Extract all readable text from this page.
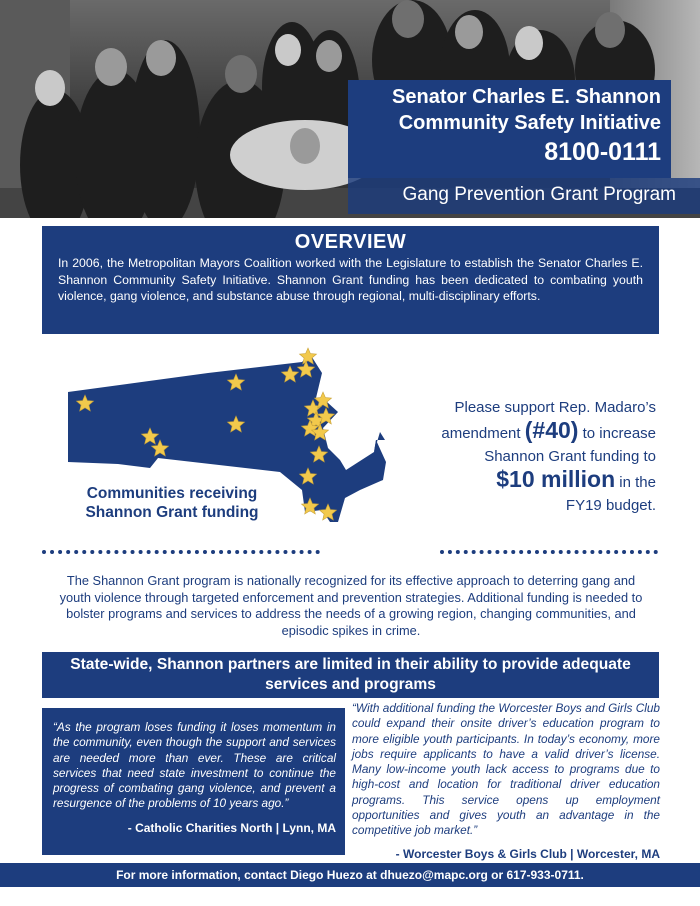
Senator Charles E. Shannon
Community Safety Initiative
8100-0111
Gang Prevention Grant Program
OVERVIEW

In 2006, the Metropolitan Mayors Coalition worked with the Legislature to establish the Senator Charles E. Shannon Community Safety Initiative. Shannon Grant funding has been dedicated to combating youth violence, gang violence, and substance abuse through regional, multi-disciplinary efforts.

Communities receiving
Shannon Grant funding
Please support Rep. Madaro’s
amendment (#40) to increase
Shannon Grant funding to
$10 million in the
FY19 budget.
The Shannon Grant program is nationally recognized for its effective approach to deterring gang and youth violence through targeted enforcement and prevention strategies. Additional funding is needed to bolster programs and services to address the needs of a growing region, changing communities, and episodic spikes in crime.
State-wide, Shannon partners are limited in their ability to provide adequate services and programs

“As the program loses funding it loses momentum in the community, even though the support and services are needed more than ever. These are critical services that need state investment to continue the progress of combating gang violence, and prevent a resurgence of the problems of 10 years ago.”

- Catholic Charities North | Lynn, MA

“With additional funding the Worcester Boys and Girls Club could expand their onsite driver’s education program to more eligible youth participants. In today’s economy, more jobs require applicants to have a valid driver’s license. Many low-income youth lack access to programs due to high-cost and location for traditional driver education programs. This service opens up employment opportunities and gives youth an advantage in the competitive job market.”

- Worcester Boys & Girls Club | Worcester, MA
For more information, contact Diego Huezo at dhuezo@mapc.org or 617-933-0711.
